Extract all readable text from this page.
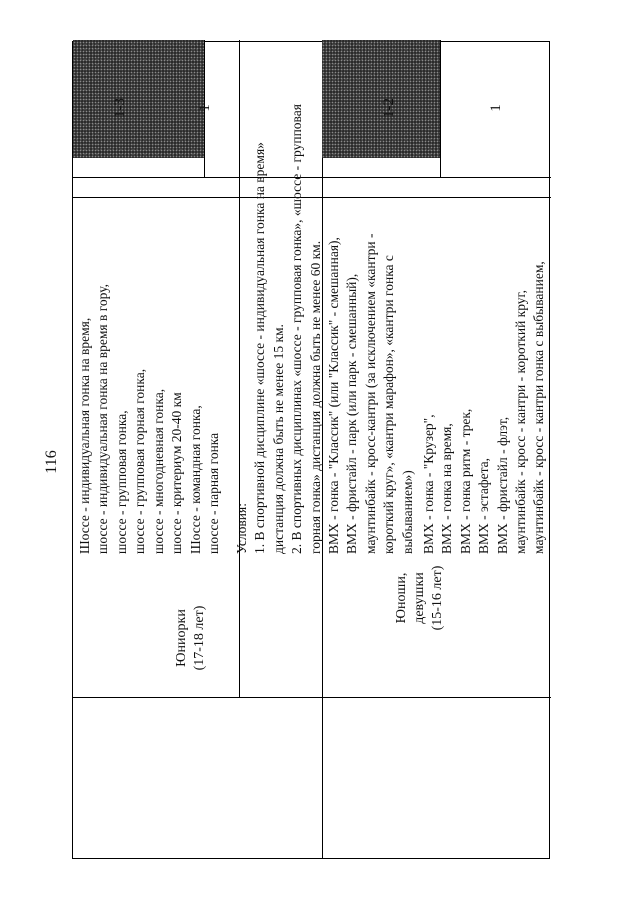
116
Юниорки (17-18 лет)
Шоссе - индивидуальная гонка на время, шоссе - индивидуальная гонка на время в гору, шоссе - групповая гонка, шоссе - групповая горная гонка, шоссе - многодневная гонка, шоссе - критериум 20-40 км Шоссе - командная гонка, шоссе - парная гонка Условия: 1. В спортивной дисциплине «шоссе - индивидуальная гонка на время» дистанция должна быть не менее 15 км. 2. В спортивных дисциплинах «шоссе - групповая гонка», «шоссе - групповая горная гонка» дистанция должна быть не менее 60 км.
1-3	1
Юноши, девушки (15-16 лет)
ВМХ - гонка - "Классик" (или "Классик" - смешанная), ВМХ - фристайл - парк (или парк - смешанный), маунтинбайк - кросс-кантри (за исключением «кантри - короткий круг», «кантри марафон», «кантри гонка с выбыванием») ВМХ - гонка - "Крузер", ВМХ - гонка на время, ВМХ - гонка ритм - трек, ВМХ - эстафета, ВМХ - фристайл - флэт, маунтинбайк - кросс - кантри - короткий круг, маунтинбайк - кросс - кантри гонка с выбыванием,
1-2	1
